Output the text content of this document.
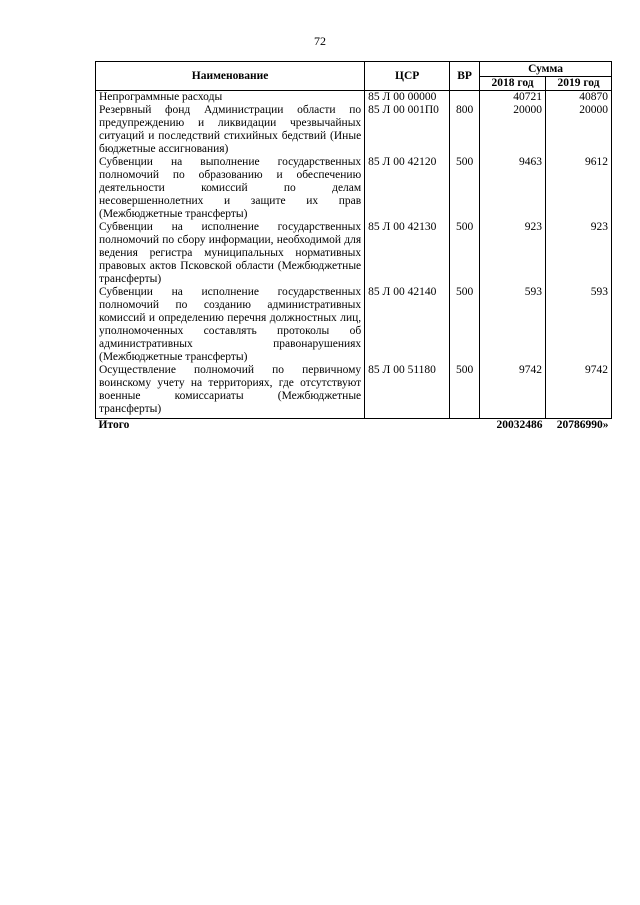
72
Наименование	ЦСР	ВР	Сумма	
			2018 год	2019 год
Непрограммные расходы	85 Л 00 00000		40721	40870
Резервный фонд Администрации области по предупреждению и ликвидации чрезвычайных ситуаций и последствий стихийных бедствий (Иные бюджетные ассигнования)	85 Л 00 001П0	800	20000	20000
Субвенции на выполнение государственных полномочий по образованию и обеспечению деятельности комиссий по делам несовершеннолетних и защите их прав (Межбюджетные трансферты)	85 Л 00 42120	500	9463	9612
Субвенции на исполнение государственных полномочий по сбору информации, необходимой для ведения регистра муниципальных нормативных правовых актов Псковской области (Межбюджетные трансферты)	85 Л 00 42130	500	923	923
Субвенции на исполнение государственных полномочий по созданию административных комиссий и определению перечня должностных лиц, уполномоченных составлять протоколы об административных правонарушениях (Межбюджетные трансферты)	85 Л 00 42140	500	593	593
Осуществление полномочий по первичному воинскому учету на территориях, где отсутствуют военные комиссариаты (Межбюджетные трансферты)	85 Л 00 51180	500	9742	9742
Итого			20032486	20786990»
